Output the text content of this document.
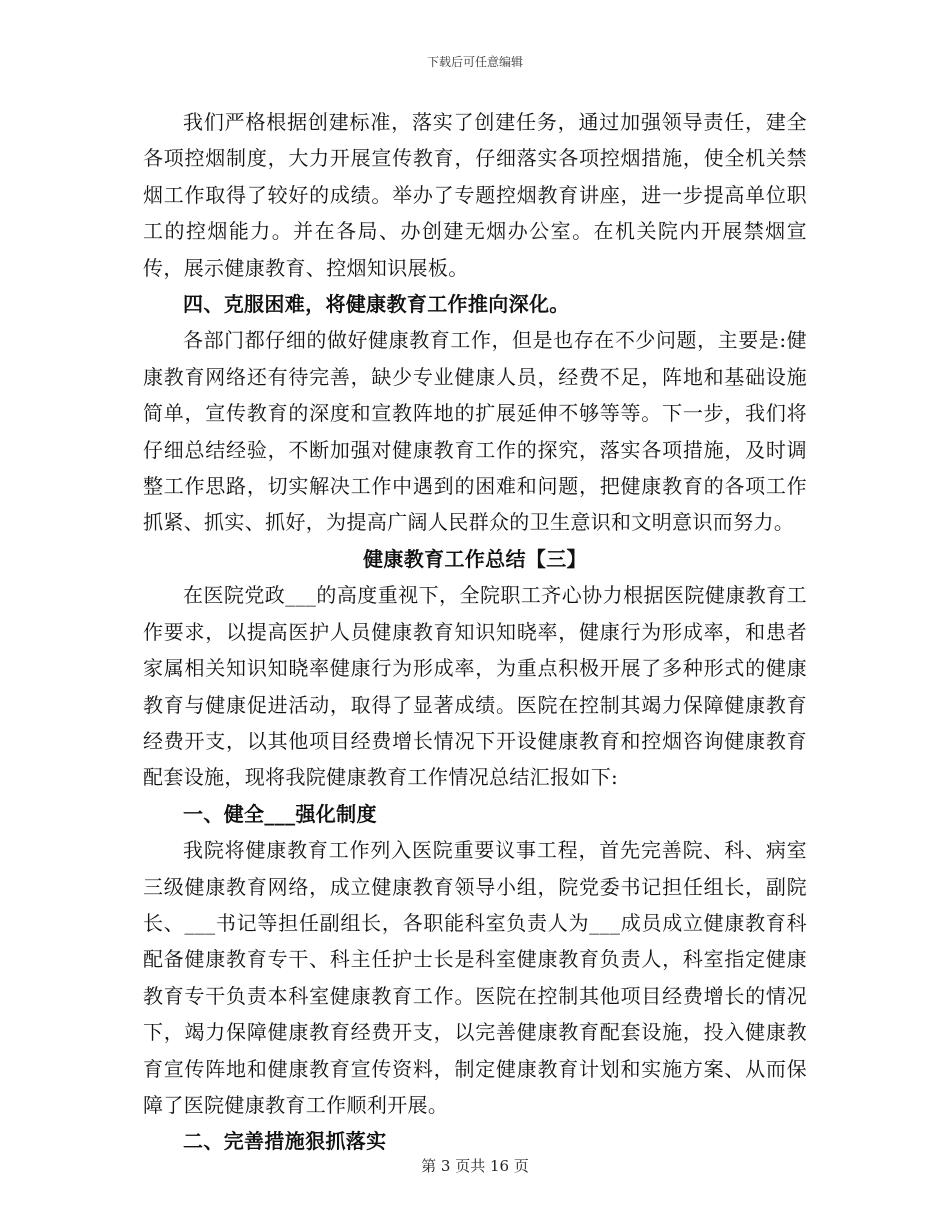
下载后可任意编辑

我们严格根据创建标准，落实了创建任务，通过加强领导责任，建全各项控烟制度，大力开展宣传教育，仔细落实各项控烟措施，使全机关禁烟工作取得了较好的成绩。举办了专题控烟教育讲座，进一步提高单位职工的控烟能力。并在各局、办创建无烟办公室。在机关院内开展禁烟宣传，展示健康教育、控烟知识展板。

四、克服困难，将健康教育工作推向深化。

各部门都仔细的做好健康教育工作，但是也存在不少问题，主要是:健康教育网络还有待完善，缺少专业健康人员，经费不足，阵地和基础设施简单，宣传教育的深度和宣教阵地的扩展延伸不够等等。下一步，我们将仔细总结经验，不断加强对健康教育工作的探究，落实各项措施，及时调整工作思路，切实解决工作中遇到的困难和问题，把健康教育的各项工作抓紧、抓实、抓好，为提高广阔人民群众的卫生意识和文明意识而努力。

健康教育工作总结【三】

在医院党政___的高度重视下，全院职工齐心协力根据医院健康教育工作要求，以提高医护人员健康教育知识知晓率，健康行为形成率，和患者家属相关知识知晓率健康行为形成率，为重点积极开展了多种形式的健康教育与健康促进活动，取得了显著成绩。医院在控制其竭力保障健康教育经费开支，以其他项目经费增长情况下开设健康教育和控烟咨询健康教育配套设施，现将我院健康教育工作情况总结汇报如下:

一、健全___强化制度

我院将健康教育工作列入医院重要议事工程，首先完善院、科、病室三级健康教育网络，成立健康教育领导小组，院党委书记担任组长，副院长、___书记等担任副组长，各职能科室负责人为___成员成立健康教育科配备健康教育专干、科主任护士长是科室健康教育负责人，科室指定健康教育专干负责本科室健康教育工作。医院在控制其他项目经费增长的情况下，竭力保障健康教育经费开支，以完善健康教育配套设施，投入健康教育宣传阵地和健康教育宣传资料，制定健康教育计划和实施方案、从而保障了医院健康教育工作顺利开展。

二、完善措施狠抓落实

第 3 页共 16 页
